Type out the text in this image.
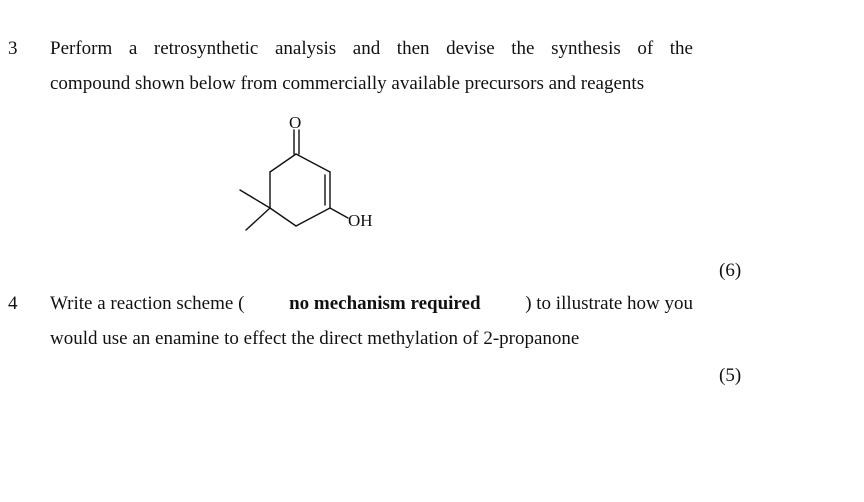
3 Perform a retrosynthetic analysis and then devise the synthesis of the
compound shown below from commercially available precursors and reagents
O
OH
(6)
4 Write a reaction scheme ( no mechanism required ) to illustrate how you
would use an enamine to effect the direct methylation of 2-propanone
(5)
